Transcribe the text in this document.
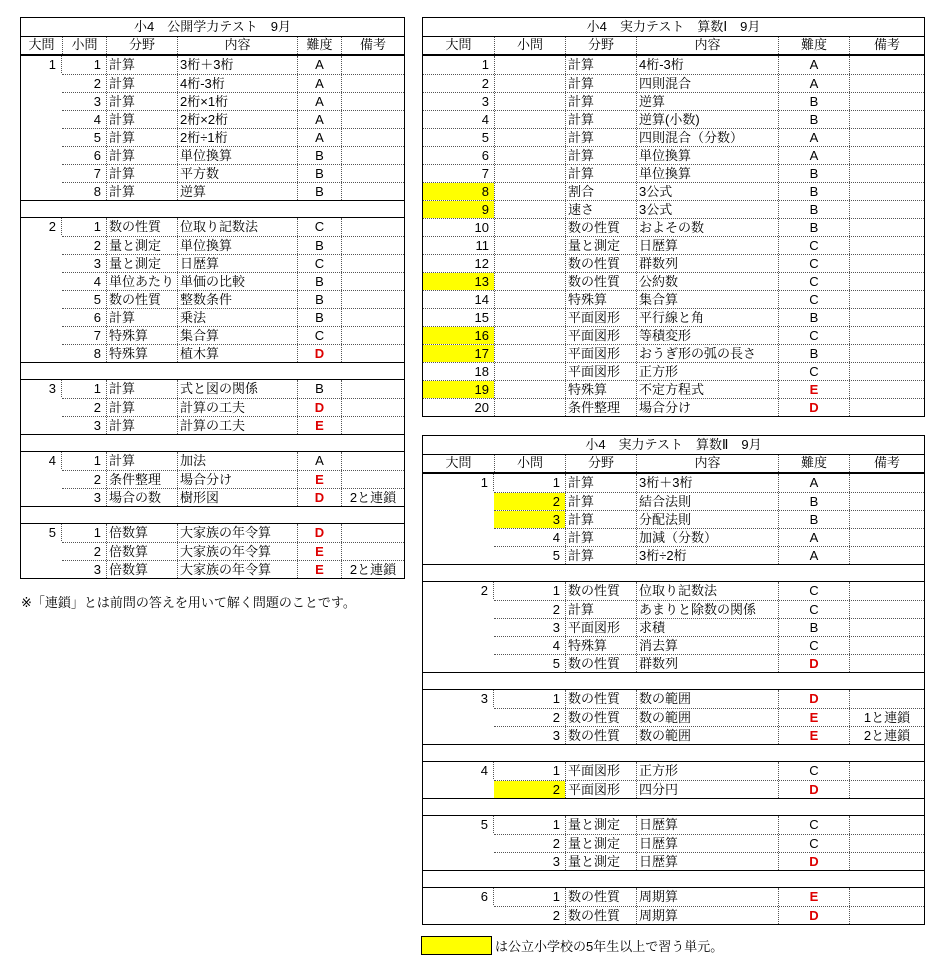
小4　公開学力テスト　9月
大問	小問	分野	内容	難度	備考
1	1 計算	3桁＋3桁	A
2 計算	4桁-3桁	A
3 計算	2桁×1桁	A
4 計算	2桁×2桁	A
5 計算	2桁÷1桁	A
6 計算	単位換算	B
7 計算	平方数	B
8 計算	逆算	B
2	1 数の性質	位取り記数法	C
2 量と測定	単位換算	B
3 量と測定	日歴算	C
4 単位あたり 単価の比較	B
5 数の性質	整数条件	B
6 計算	乗法	B
7 特殊算	集合算	C
8 特殊算	植木算	D
3	1 計算	式と図の関係	B
2 計算	計算の工夫	D
3 計算	計算の工夫	E
4	1 計算	加法	A
2 条件整理	場合分け	E
3 場合の数	樹形図	D	2と連鎖
5	1 倍数算	大家族の年令算	D
2 倍数算	大家族の年令算	E
3 倍数算	大家族の年令算	E	2と連鎖
小4　実力テスト　算数Ⅰ　9月
大問	小問	分野	内容	難度	備考
1	計算	4桁-3桁	A
2	計算	四則混合	A
3	計算	逆算	B
4	計算	逆算(小数)	B
5	計算	四則混合（分数）	A
6	計算	単位換算	A
7	計算	単位換算	B
8	割合	3公式	B
9	速さ	3公式	B
10	数の性質	およその数	B
11	量と測定	日歴算	C
12	数の性質	群数列	C
13	数の性質	公約数	C
14	特殊算	集合算	C
15	平面図形	平行線と角	B
16	平面図形	等積変形	C
17	平面図形	おうぎ形の弧の長さ	B
18	平面図形	正方形	C
19	特殊算	不定方程式	E
20	条件整理	場合分け	D
小4　実力テスト　算数Ⅱ　9月
大問	小問	分野	内容	難度	備考
1	1 計算	3桁＋3桁	A
2 計算	結合法則	B
3 計算	分配法則	B
4 計算	加減（分数）	A
5 計算	3桁÷2桁	A
2	1 数の性質	位取り記数法	C
2 計算	あまりと除数の関係	C
3 平面図形	求積	B
4 特殊算	消去算	C
5 数の性質	群数列	D
3	1 数の性質	数の範囲	D
2 数の性質	数の範囲	E	1と連鎖
3 数の性質	数の範囲	E	2と連鎖
4	1 平面図形	正方形	C
2 平面図形	四分円	D
5	1 量と測定	日歴算	C
2 量と測定	日歴算	C
3 量と測定	日歴算	D
6	1 数の性質	周期算	E
2 数の性質	周期算	D
※「連鎖」とは前問の答えを用いて解く問題のことです。
は公立小学校の5年生以上で習う単元。
